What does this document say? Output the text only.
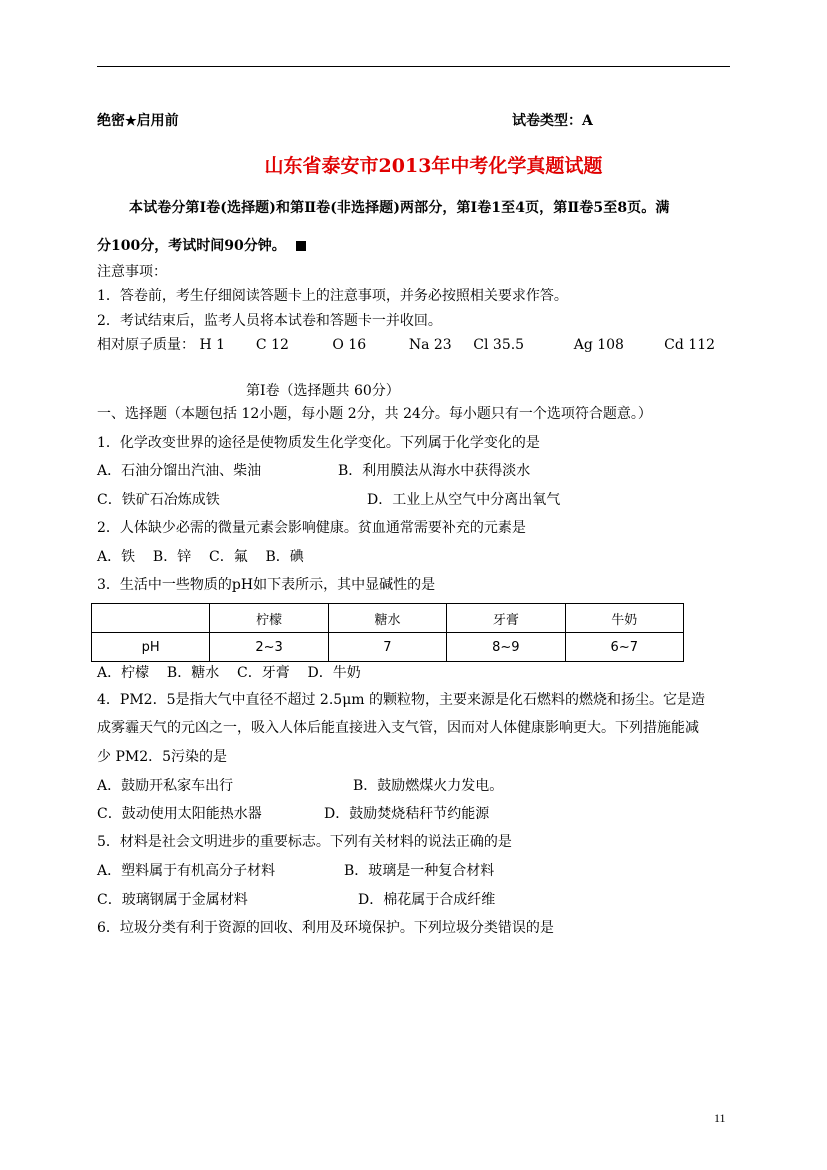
绝密★启用前	试卷类型：A
山东省泰安市2013年中考化学真题试题
本试卷分第Ⅰ卷(选择题)和第Ⅱ卷(非选择题)两部分，第Ⅰ卷1至4页，第Ⅱ卷5至8页。满
分100分，考试时间90分钟。
注意事项：
1．答卷前，考生仔细阅读答题卡上的注意事项，并务必按照相关要求作答。
2．考试结束后，监考人员将本试卷和答题卡一并收回。
相对原子质量： H 1 C 12	O 16	Na 23 Cl 35.5	Ag 108	Cd 112
第Ⅰ卷（选择题共 60分）
一、选择题（本题包括 12小题，每小题 2分，共 24分。每小题只有一个选项符合题意。）
1．化学改变世界的途径是使物质发生化学变化。下列属于化学变化的是
A．石油分馏出汽油、柴油	B．利用膜法从海水中获得淡水
C．铁矿石冶炼成铁	D．工业上从空气中分离出氧气
2．人体缺少必需的微量元素会影响健康。贫血通常需要补充的元素是
A．铁    B．锌    C．氟    B．碘
3．生活中一些物质的pH如下表所示，其中显碱性的是
	柠檬	糖水	牙膏	牛奶
pH	2~3	7	8~9	6~7
A．柠檬    B．糖水    C．牙膏    D．牛奶
4．PM2．5是指大气中直径不超过 2.5μm 的颗粒物，主要来源是化石燃料的燃烧和扬尘。它是造
成雾霾天气的元凶之一，吸入人体后能直接进入支气管，因而对人体健康影响更大。下列措施能减
少 PM2．5污染的是
A．鼓励开私家车出行	B．鼓励燃煤火力发电。
C．鼓动使用太阳能热水器	D．鼓励焚烧秸秆节约能源
5．材料是社会文明进步的重要标志。下列有关材料的说法正确的是
A．塑料属于有机高分子材料	B．玻璃是一种复合材料
C．玻璃钢属于金属材料	D．棉花属于合成纤维
6．垃圾分类有利于资源的回收、利用及环境保护。下列垃圾分类错误的是
11
